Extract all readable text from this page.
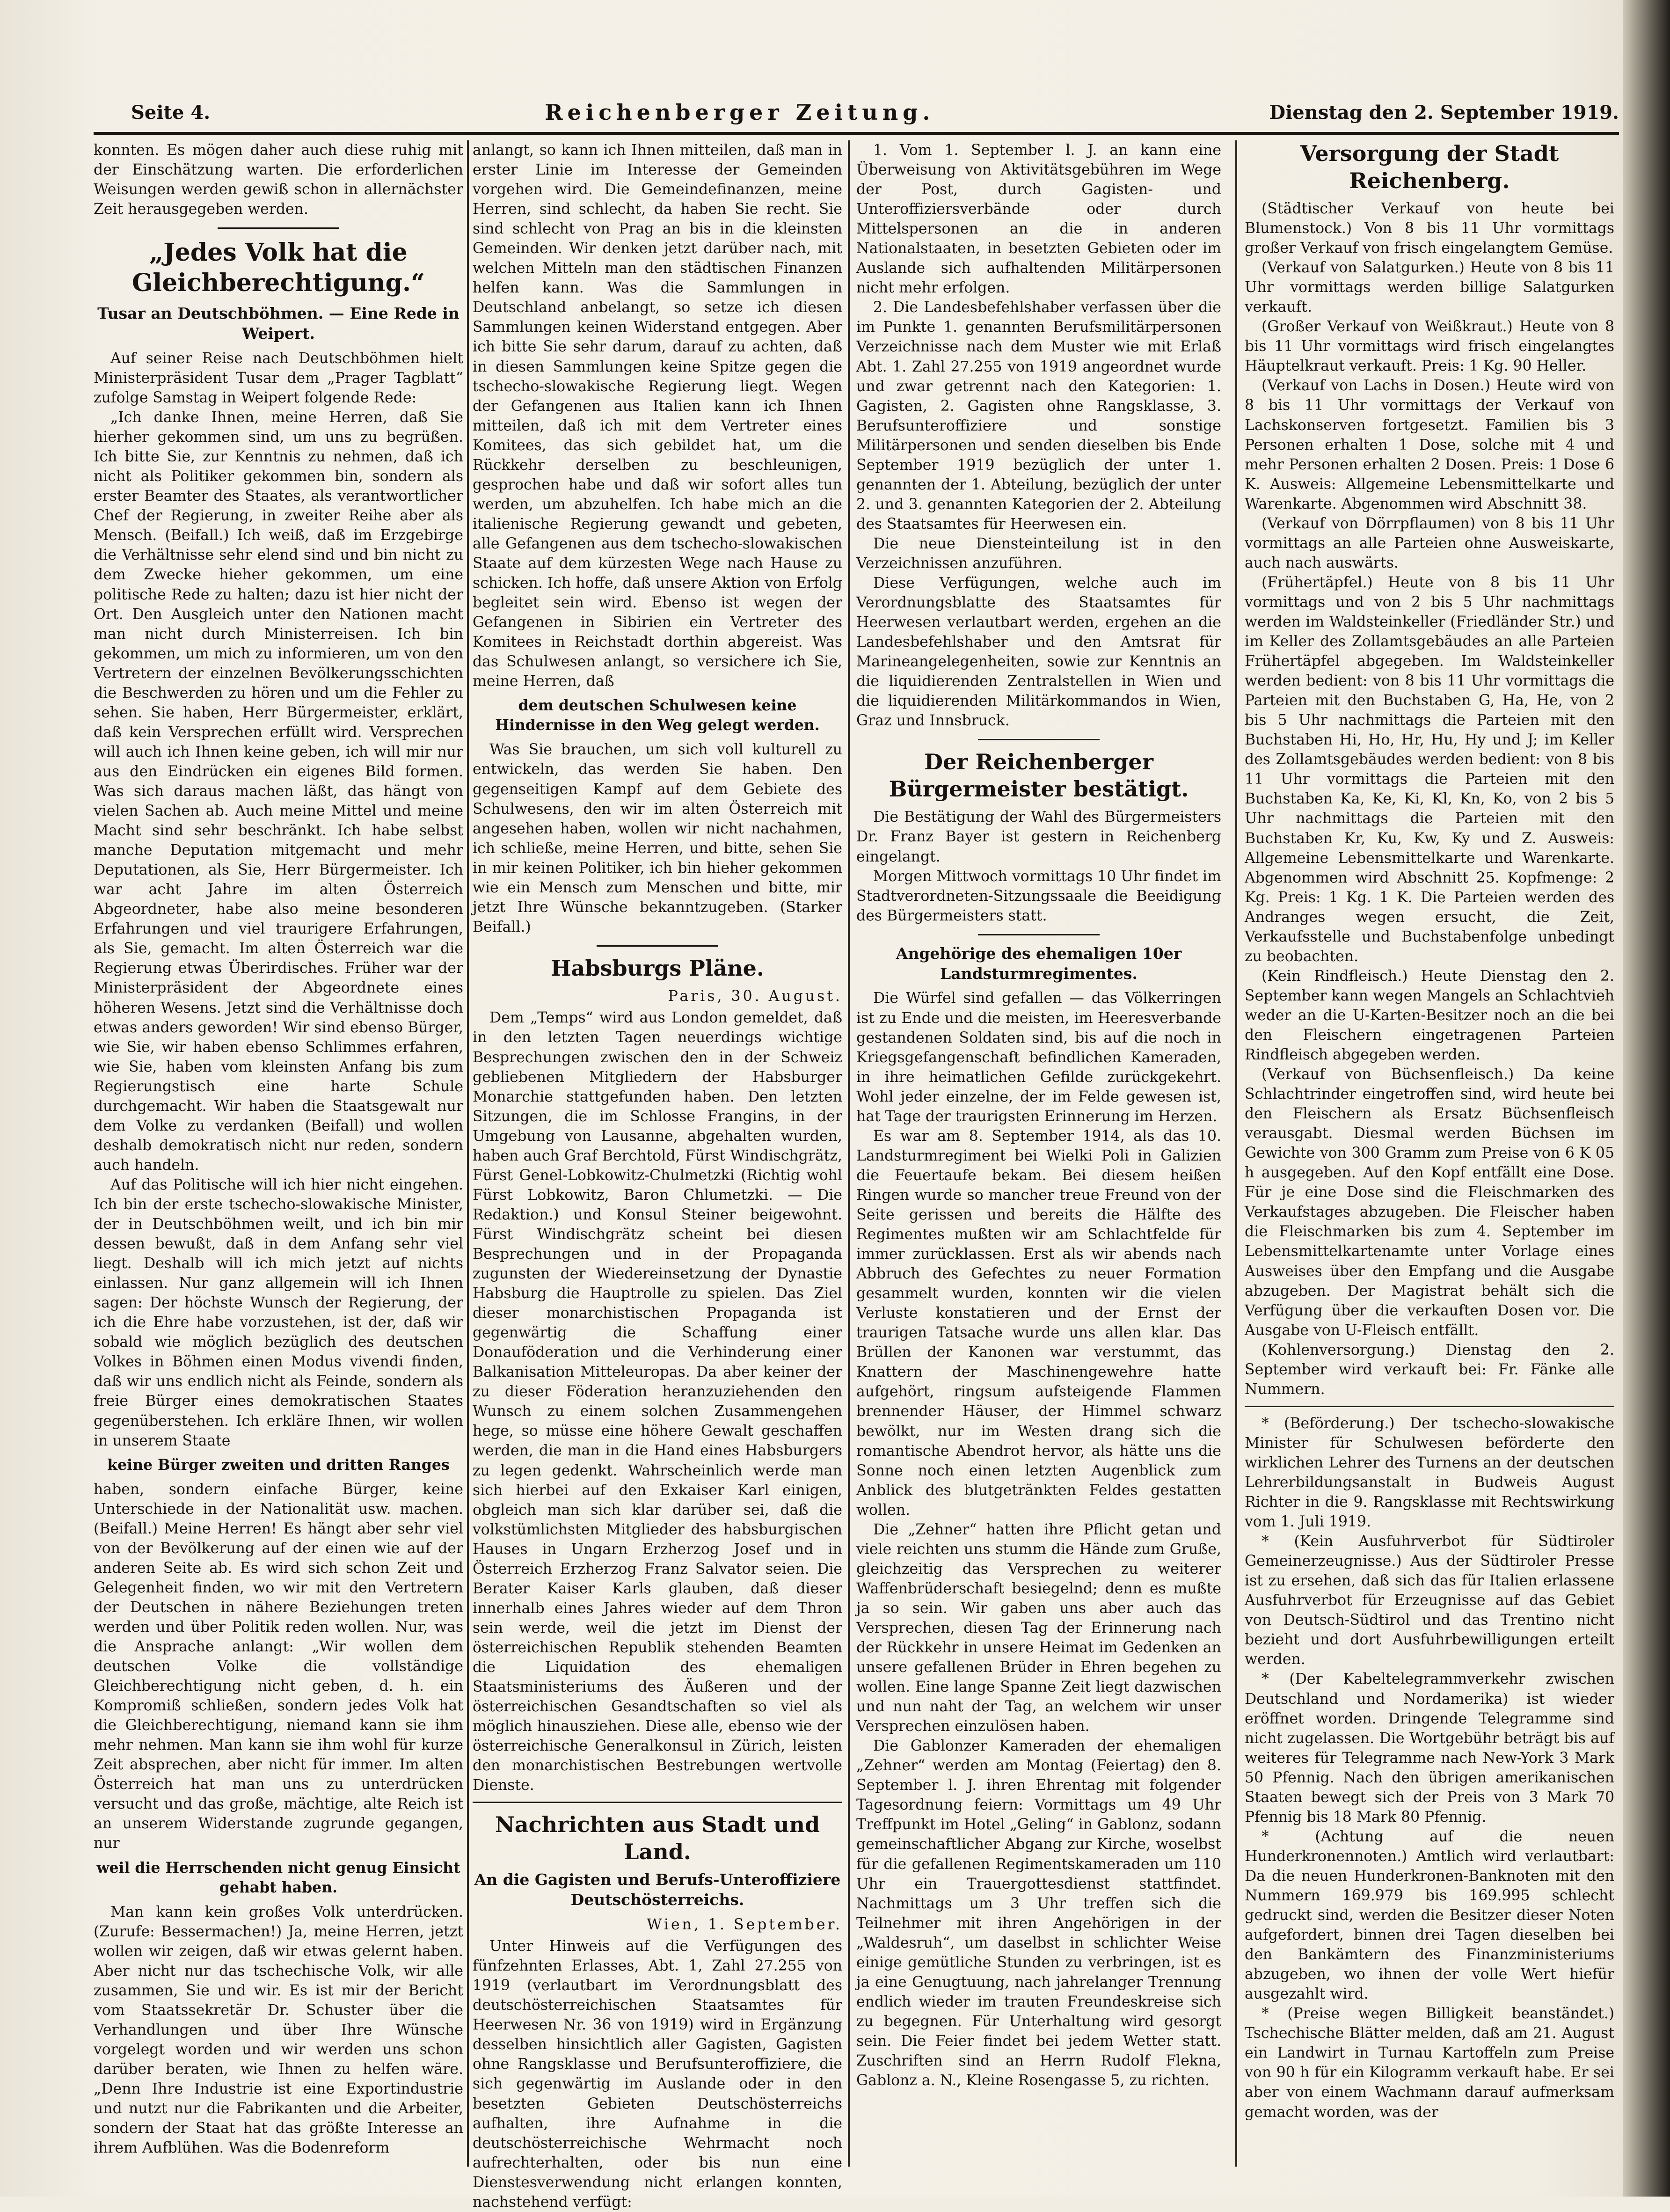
Seite 4.	Reichenberger Zeitung.	Dienstag den 2. September 1919.

konnten. Es mögen daher auch diese ruhig mit der Einschätzung warten. Die erforderlichen Weisungen werden gewiß schon in allernächster Zeit herausgegeben werden.

„Jedes Volk hat die Gleichberechtigung.“
Tusar an Deutschböhmen. — Eine Rede in Weipert.

Auf seiner Reise nach Deutschböhmen hielt Ministerpräsident Tusar dem „Prager Tagblatt“ zufolge Samstag in Weipert folgende Rede:

„Ich danke Ihnen, meine Herren, daß Sie hierher gekommen sind, um uns zu begrüßen. Ich bitte Sie, zur Kenntnis zu nehmen, daß ich nicht als Politiker gekommen bin, sondern als erster Beamter des Staates, als verantwortlicher Chef der Regierung, in zweiter Reihe aber als Mensch. (Beifall.) Ich weiß, daß im Erzgebirge die Verhältnisse sehr elend sind und bin nicht zu dem Zwecke hieher gekommen, um eine politische Rede zu halten; dazu ist hier nicht der Ort. Den Ausgleich unter den Nationen macht man nicht durch Ministerreisen. Ich bin gekommen, um mich zu informieren, um von den Vertretern der einzelnen Bevölkerungsschichten die Beschwerden zu hören und um die Fehler zu sehen. Sie haben, Herr Bürgermeister, erklärt, daß kein Versprechen erfüllt wird. Versprechen will auch ich Ihnen keine geben, ich will mir nur aus den Eindrücken ein eigenes Bild formen. Was sich daraus machen läßt, das hängt von vielen Sachen ab. Auch meine Mittel und meine Macht sind sehr beschränkt. Ich habe selbst manche Deputation mitgemacht und mehr Deputationen, als Sie, Herr Bürgermeister. Ich war acht Jahre im alten Österreich Abgeordneter, habe also meine besonderen Erfahrungen und viel traurigere Erfahrungen, als Sie, gemacht. Im alten Österreich war die Regierung etwas Überirdisches. Früher war der Ministerpräsident der Abgeordnete eines höheren Wesens. Jetzt sind die Verhältnisse doch etwas anders geworden! Wir sind ebenso Bürger, wie Sie, wir haben ebenso Schlimmes erfahren, wie Sie, haben vom kleinsten Anfang bis zum Regierungstisch eine harte Schule durchgemacht. Wir haben die Staatsgewalt nur dem Volke zu verdanken (Beifall) und wollen deshalb demokratisch nicht nur reden, sondern auch handeln.

Auf das Politische will ich hier nicht eingehen. Ich bin der erste tschecho-slowakische Minister, der in Deutschböhmen weilt, und ich bin mir dessen bewußt, daß in dem Anfang sehr viel liegt. Deshalb will ich mich jetzt auf nichts einlassen. Nur ganz allgemein will ich Ihnen sagen: Der höchste Wunsch der Regierung, der ich die Ehre habe vorzustehen, ist der, daß wir sobald wie möglich bezüglich des deutschen Volkes in Böhmen einen Modus vivendi finden, daß wir uns endlich nicht als Feinde, sondern als freie Bürger eines demokratischen Staates gegenüberstehen. Ich erkläre Ihnen, wir wollen in unserem Staate

keine Bürger zweiten und dritten Ranges

haben, sondern einfache Bürger, keine Unterschiede in der Nationalität usw. machen. (Beifall.) Meine Herren! Es hängt aber sehr viel von der Bevölkerung auf der einen wie auf der anderen Seite ab. Es wird sich schon Zeit und Gelegenheit finden, wo wir mit den Vertretern der Deutschen in nähere Beziehungen treten werden und über Politik reden wollen. Nur, was die Ansprache anlangt: „Wir wollen dem deutschen Volke die vollständige Gleichberechtigung nicht geben, d. h. ein Kompromiß schließen, sondern jedes Volk hat die Gleichberechtigung, niemand kann sie ihm mehr nehmen. Man kann sie ihm wohl für kurze Zeit absprechen, aber nicht für immer. Im alten Österreich hat man uns zu unterdrücken versucht und das große, mächtige, alte Reich ist an unserem Widerstande zugrunde gegangen, nur

weil die Herrschenden nicht genug Einsicht gehabt haben.

Man kann kein großes Volk unterdrücken. (Zurufe: Bessermachen!) Ja, meine Herren, jetzt wollen wir zeigen, daß wir etwas gelernt haben. Aber nicht nur das tschechische Volk, wir alle zusammen, Sie und wir. Es ist mir der Bericht vom Staatssekretär Dr. Schuster über die Verhandlungen und über Ihre Wünsche vorgelegt worden und wir werden uns schon darüber beraten, wie Ihnen zu helfen wäre. „Denn Ihre Industrie ist eine Exportindustrie und nutzt nur die Fabrikanten und die Arbeiter, sondern der Staat hat das größte Interesse an ihrem Aufblühen. Was die Bodenreform

anlangt, so kann ich Ihnen mitteilen, daß man in erster Linie im Interesse der Gemeinden vorgehen wird. Die Gemeindefinanzen, meine Herren, sind schlecht, da haben Sie recht. Sie sind schlecht von Prag an bis in die kleinsten Gemeinden. Wir denken jetzt darüber nach, mit welchen Mitteln man den städtischen Finanzen helfen kann. Was die Sammlungen in Deutschland anbelangt, so setze ich diesen Sammlungen keinen Widerstand entgegen. Aber ich bitte Sie sehr darum, darauf zu achten, daß in diesen Sammlungen keine Spitze gegen die tschecho-slowakische Regierung liegt. Wegen der Gefangenen aus Italien kann ich Ihnen mitteilen, daß ich mit dem Vertreter eines Komitees, das sich gebildet hat, um die Rückkehr derselben zu beschleunigen, gesprochen habe und daß wir sofort alles tun werden, um abzuhelfen. Ich habe mich an die italienische Regierung gewandt und gebeten, alle Gefangenen aus dem tschecho-slowakischen Staate auf dem kürzesten Wege nach Hause zu schicken. Ich hoffe, daß unsere Aktion von Erfolg begleitet sein wird. Ebenso ist wegen der Gefangenen in Sibirien ein Vertreter des Komitees in Reichstadt dorthin abgereist. Was das Schulwesen anlangt, so versichere ich Sie, meine Herren, daß

dem deutschen Schulwesen keine Hindernisse in den Weg gelegt werden.

Was Sie brauchen, um sich voll kulturell zu entwickeln, das werden Sie haben. Den gegenseitigen Kampf auf dem Gebiete des Schulwesens, den wir im alten Österreich mit angesehen haben, wollen wir nicht nachahmen, ich schließe, meine Herren, und bitte, sehen Sie in mir keinen Politiker, ich bin hieher gekommen wie ein Mensch zum Menschen und bitte, mir jetzt Ihre Wünsche bekanntzugeben. (Starker Beifall.)

Habsburgs Pläne.
Paris, 30. August.

Dem „Temps“ wird aus London gemeldet, daß in den letzten Tagen neuerdings wichtige Besprechungen zwischen den in der Schweiz gebliebenen Mitgliedern der Habsburger Monarchie stattgefunden haben. Den letzten Sitzungen, die im Schlosse Frangins, in der Umgebung von Lausanne, abgehalten wurden, haben auch Graf Berchtold, Fürst Windischgrätz, Fürst Genel-Lobkowitz-Chulmetzki (Richtig wohl Fürst Lobkowitz, Baron Chlumetzki. — Die Redaktion.) und Konsul Steiner beigewohnt. Fürst Windischgrätz scheint bei diesen Besprechungen und in der Propaganda zugunsten der Wiedereinsetzung der Dynastie Habsburg die Hauptrolle zu spielen. Das Ziel dieser monarchistischen Propaganda ist gegenwärtig die Schaffung einer Donauföderation und die Verhinderung einer Balkanisation Mitteleuropas. Da aber keiner der zu dieser Föderation heranzuziehenden den Wunsch zu einem solchen Zusammengehen hege, so müsse eine höhere Gewalt geschaffen werden, die man in die Hand eines Habsburgers zu legen gedenkt. Wahrscheinlich werde man sich hierbei auf den Exkaiser Karl einigen, obgleich man sich klar darüber sei, daß die volkstümlichsten Mitglieder des habsburgischen Hauses in Ungarn Erzherzog Josef und in Österreich Erzherzog Franz Salvator seien. Die Berater Kaiser Karls glauben, daß dieser innerhalb eines Jahres wieder auf dem Thron sein werde, weil die jetzt im Dienst der österreichischen Republik stehenden Beamten die Liquidation des ehemaligen Staatsministeriums des Äußeren und der österreichischen Gesandtschaften so viel als möglich hinausziehen. Diese alle, ebenso wie der österreichische Generalkonsul in Zürich, leisten den monarchistischen Bestrebungen wertvolle Dienste.

Nachrichten aus Stadt und Land.
An die Gagisten und Berufs-Unteroffiziere Deutschösterreichs.
Wien, 1. September.

Unter Hinweis auf die Verfügungen des fünfzehnten Erlasses, Abt. 1, Zahl 27.255 von 1919 (verlautbart im Verordnungsblatt des deutschösterreichischen Staatsamtes für Heerwesen Nr. 36 von 1919) wird in Ergänzung desselben hinsichtlich aller Gagisten, Gagisten ohne Rangsklasse und Berufsunteroffiziere, die sich gegenwärtig im Auslande oder in den besetzten Gebieten Deutschösterreichs aufhalten, ihre Aufnahme in die deutschösterreichische Wehrmacht noch aufrechterhalten, oder bis nun eine Dienstesverwendung nicht erlangen konnten, nachstehend verfügt:

1. Vom 1. September l. J. an kann eine Überweisung von Aktivitätsgebühren im Wege der Post, durch Gagisten- und Unteroffiziersverbände oder durch Mittelspersonen an die in anderen Nationalstaaten, in besetzten Gebieten oder im Auslande sich aufhaltenden Militärpersonen nicht mehr erfolgen.

2. Die Landesbefehlshaber verfassen über die im Punkte 1. genannten Berufsmilitärpersonen Verzeichnisse nach dem Muster wie mit Erlaß Abt. 1. Zahl 27.255 von 1919 angeordnet wurde und zwar getrennt nach den Kategorien: 1. Gagisten, 2. Gagisten ohne Rangsklasse, 3. Berufsunteroffiziere und sonstige Militärpersonen und senden dieselben bis Ende September 1919 bezüglich der unter 1. genannten der 1. Abteilung, bezüglich der unter 2. und 3. genannten Kategorien der 2. Abteilung des Staatsamtes für Heerwesen ein.

Die neue Diensteinteilung ist in den Verzeichnissen anzuführen.

Diese Verfügungen, welche auch im Verordnungsblatte des Staatsamtes für Heerwesen verlautbart werden, ergehen an die Landesbefehlshaber und den Amtsrat für Marineangelegenheiten, sowie zur Kenntnis an die liquidierenden Zentralstellen in Wien und die liquidierenden Militärkommandos in Wien, Graz und Innsbruck.

Der Reichenberger Bürgermeister bestätigt.

Die Bestätigung der Wahl des Bürgermeisters Dr. Franz Bayer ist gestern in Reichenberg eingelangt.

Morgen Mittwoch vormittags 10 Uhr findet im Stadtverordneten-Sitzungssaale die Beeidigung des Bürgermeisters statt.

Angehörige des ehemaligen 10er Landsturmregimentes.

Die Würfel sind gefallen — das Völkerringen ist zu Ende und die meisten, im Heeresverbande gestandenen Soldaten sind, bis auf die noch in Kriegsgefangenschaft befindlichen Kameraden, in ihre heimatlichen Gefilde zurückgekehrt. Wohl jeder einzelne, der im Felde gewesen ist, hat Tage der traurigsten Erinnerung im Herzen.

Es war am 8. September 1914, als das 10. Landsturmregiment bei Wielki Poli in Galizien die Feuertaufe bekam. Bei diesem heißen Ringen wurde so mancher treue Freund von der Seite gerissen und bereits die Hälfte des Regimentes mußten wir am Schlachtfelde für immer zurücklassen. Erst als wir abends nach Abbruch des Gefechtes zu neuer Formation gesammelt wurden, konnten wir die vielen Verluste konstatieren und der Ernst der traurigen Tatsache wurde uns allen klar. Das Brüllen der Kanonen war verstummt, das Knattern der Maschinengewehre hatte aufgehört, ringsum aufsteigende Flammen brennender Häuser, der Himmel schwarz bewölkt, nur im Westen drang sich die romantische Abendrot hervor, als hätte uns die Sonne noch einen letzten Augenblick zum Anblick des blutgetränkten Feldes gestatten wollen.

Die „Zehner“ hatten ihre Pflicht getan und viele reichten uns stumm die Hände zum Gruße, gleichzeitig das Versprechen zu weiterer Waffenbrüderschaft besiegelnd; denn es mußte ja so sein. Wir gaben uns aber auch das Versprechen, diesen Tag der Erinnerung nach der Rückkehr in unsere Heimat im Gedenken an unsere gefallenen Brüder in Ehren begehen zu wollen. Eine lange Spanne Zeit liegt dazwischen und nun naht der Tag, an welchem wir unser Versprechen einzulösen haben.

Die Gablonzer Kameraden der ehemaligen „Zehner“ werden am Montag (Feiertag) den 8. September l. J. ihren Ehrentag mit folgender Tagesordnung feiern: Vormittags um 49 Uhr Treffpunkt im Hotel „Geling“ in Gablonz, sodann gemeinschaftlicher Abgang zur Kirche, woselbst für die gefallenen Regimentskameraden um 110 Uhr ein Trauergottesdienst stattfindet. Nachmittags um 3 Uhr treffen sich die Teilnehmer mit ihren Angehörigen in der „Waldesruh“, um daselbst in schlichter Weise einige gemütliche Stunden zu verbringen, ist es ja eine Genugtuung, nach jahrelanger Trennung endlich wieder im trauten Freundeskreise sich zu begegnen. Für Unterhaltung wird gesorgt sein. Die Feier findet bei jedem Wetter statt. Zuschriften sind an Herrn Rudolf Flekna, Gablonz a. N., Kleine Rosengasse 5, zu richten.

Versorgung der Stadt Reichenberg.

(Städtischer Verkauf von heute bei Blumenstock.) Von 8 bis 11 Uhr vormittags großer Verkauf von frisch eingelangtem Gemüse.

(Verkauf von Salatgurken.) Heute von 8 bis 11 Uhr vormittags werden billige Salatgurken verkauft.

(Großer Verkauf von Weißkraut.) Heute von 8 bis 11 Uhr vormittags wird frisch eingelangtes Häuptelkraut verkauft. Preis: 1 Kg. 90 Heller.

(Verkauf von Lachs in Dosen.) Heute wird von 8 bis 11 Uhr vormittags der Verkauf von Lachskonserven fortgesetzt. Familien bis 3 Personen erhalten 1 Dose, solche mit 4 und mehr Personen erhalten 2 Dosen. Preis: 1 Dose 6 K. Ausweis: Allgemeine Lebensmittelkarte und Warenkarte. Abgenommen wird Abschnitt 38.

(Verkauf von Dörrpflaumen) von 8 bis 11 Uhr vormittags an alle Parteien ohne Ausweiskarte, auch nach auswärts.

(Frühertäpfel.) Heute von 8 bis 11 Uhr vormittags und von 2 bis 5 Uhr nachmittags werden im Waldsteinkeller (Friedländer Str.) und im Keller des Zollamtsgebäudes an alle Parteien Frühertäpfel abgegeben. Im Waldsteinkeller werden bedient: von 8 bis 11 Uhr vormittags die Parteien mit den Buchstaben G, Ha, He, von 2 bis 5 Uhr nachmittags die Parteien mit den Buchstaben Hi, Ho, Hr, Hu, Hy und J; im Keller des Zollamtsgebäudes werden bedient: von 8 bis 11 Uhr vormittags die Parteien mit den Buchstaben Ka, Ke, Ki, Kl, Kn, Ko, von 2 bis 5 Uhr nachmittags die Parteien mit den Buchstaben Kr, Ku, Kw, Ky und Z. Ausweis: Allgemeine Lebensmittelkarte und Warenkarte. Abgenommen wird Abschnitt 25. Kopfmenge: 2 Kg. Preis: 1 Kg. 1 K. Die Parteien werden des Andranges wegen ersucht, die Zeit, Verkaufsstelle und Buchstabenfolge unbedingt zu beobachten.

(Kein Rindfleisch.) Heute Dienstag den 2. September kann wegen Mangels an Schlachtvieh weder an die U-Karten-Besitzer noch an die bei den Fleischern eingetragenen Parteien Rindfleisch abgegeben werden.

(Verkauf von Büchsenfleisch.) Da keine Schlachtrinder eingetroffen sind, wird heute bei den Fleischern als Ersatz Büchsenfleisch verausgabt. Diesmal werden Büchsen im Gewichte von 300 Gramm zum Preise von 6 K 05 h ausgegeben. Auf den Kopf entfällt eine Dose. Für je eine Dose sind die Fleischmarken des Verkaufstages abzugeben. Die Fleischer haben die Fleischmarken bis zum 4. September im Lebensmittelkartenamte unter Vorlage eines Ausweises über den Empfang und die Ausgabe abzugeben. Der Magistrat behält sich die Verfügung über die verkauften Dosen vor. Die Ausgabe von U-Fleisch entfällt.

(Kohlenversorgung.) Dienstag den 2. September wird verkauft bei: Fr. Fänke alle Nummern.

* (Beförderung.) Der tschecho-slowakische Minister für Schulwesen beförderte den wirklichen Lehrer des Turnens an der deutschen Lehrerbildungsanstalt in Budweis August Richter in die 9. Rangsklasse mit Rechtswirkung vom 1. Juli 1919.

* (Kein Ausfuhrverbot für Südtiroler Gemeinerzeugnisse.) Aus der Südtiroler Presse ist zu ersehen, daß sich das für Italien erlassene Ausfuhrverbot für Erzeugnisse auf das Gebiet von Deutsch-Südtirol und das Trentino nicht bezieht und dort Ausfuhrbewilligungen erteilt werden.

* (Der Kabeltelegrammverkehr zwischen Deutschland und Nordamerika) ist wieder eröffnet worden. Dringende Telegramme sind nicht zugelassen. Die Wortgebühr beträgt bis auf weiteres für Telegramme nach New-York 3 Mark 50 Pfennig. Nach den übrigen amerikanischen Staaten bewegt sich der Preis von 3 Mark 70 Pfennig bis 18 Mark 80 Pfennig.

* (Achtung auf die neuen Hunderkronennoten.) Amtlich wird verlautbart: Da die neuen Hunderkronen-Banknoten mit den Nummern 169.979 bis 169.995 schlecht gedruckt sind, werden die Besitzer dieser Noten aufgefordert, binnen drei Tagen dieselben bei den Bankämtern des Finanzministeriums abzugeben, wo ihnen der volle Wert hiefür ausgezahlt wird.

* (Preise wegen Billigkeit beanständet.) Tschechische Blätter melden, daß am 21. August ein Landwirt in Turnau Kartoffeln zum Preise von 90 h für ein Kilogramm verkauft habe. Er sei aber von einem Wachmann darauf aufmerksam gemacht worden, was der
